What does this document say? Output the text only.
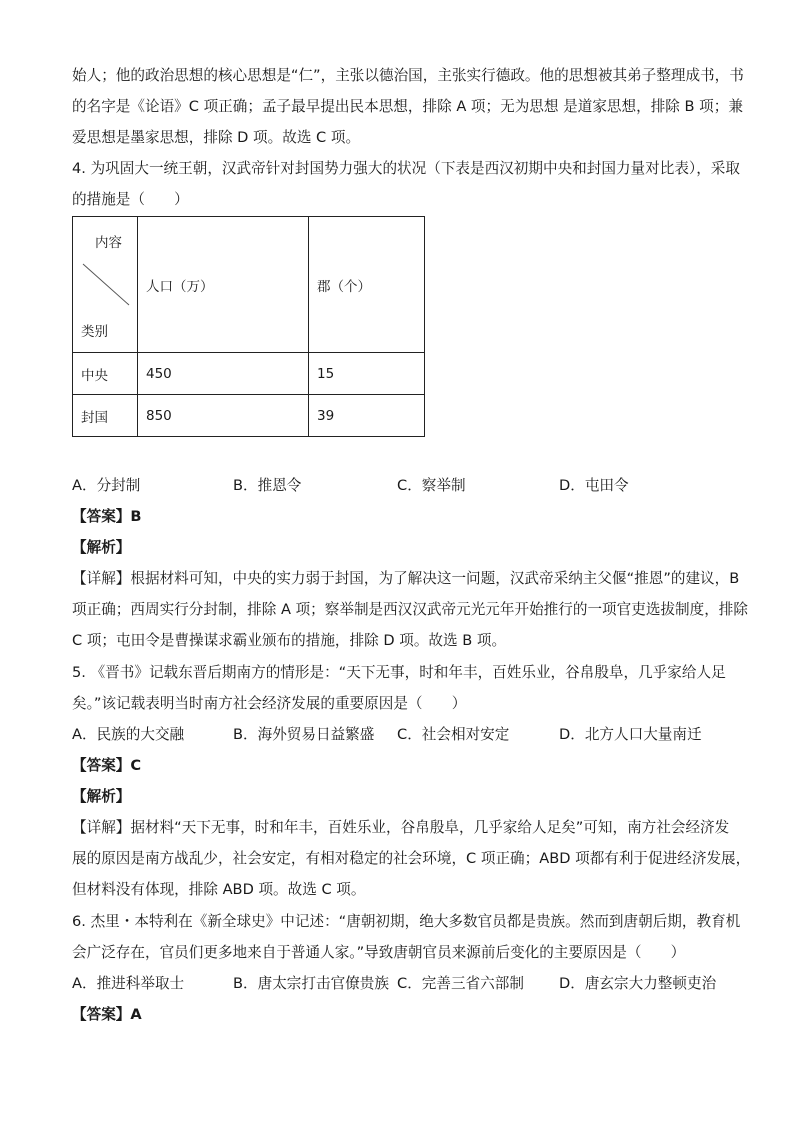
始人；他的政治思想的核心思想是“仁”，主张以德治国，主张实行德政。他的思想被其弟子整理成书，书
的名字是《论语》C 项正确；孟子最早提出民本思想，排除 A 项；无为思想 是道家思想，排除 B 项；兼
爱思想是墨家思想，排除 D 项。故选 C 项。
4. 为巩固大一统王朝，汉武帝针对封国势力强大的状况（下表是西汉初期中央和封国力量对比表），采取
的措施是（　　）
内容
类别	人口（万）	郡（个）
中央	450	15
封国	850	39
A．分封制	B．推恩令	C．察举制	D．屯田令
【答案】B
【解析】
【详解】根据材料可知，中央的实力弱于封国，为了解决这一问题，汉武帝采纳主父偃“推恩”的建议，B
项正确；西周实行分封制，排除 A 项；察举制是西汉汉武帝元光元年开始推行的一项官吏选拔制度，排除
C 项；屯田令是曹操谋求霸业颁布的措施，排除 D 项。故选 B 项。
5. 《晋书》记载东晋后期南方的情形是：“天下无事，时和年丰，百姓乐业，谷帛殷阜，几乎家给人足
矣。”该记载表明当时南方社会经济发展的重要原因是（　　）
A．民族的大交融	B．海外贸易日益繁盛 C．社会相对安定	D．北方人口大量南迁
【答案】C
【解析】
【详解】据材料“天下无事，时和年丰，百姓乐业，谷帛殷阜，几乎家给人足矣”可知，南方社会经济发
展的原因是南方战乱少，社会安定，有相对稳定的社会环境，C 项正确；ABD 项都有利于促进经济发展，
但材料没有体现，排除 ABD 项。故选 C 项。
6. 杰里・本特利在《新全球史》中记述：“唐朝初期，绝大多数官员都是贵族。然而到唐朝后期，教育机
会广泛存在，官员们更多地来自于普通人家。”导致唐朝官员来源前后变化的主要原因是（　　）
A．推进科举取士	B．唐太宗打击官僚贵族 C．完善三省六部制 D．唐玄宗大力整顿吏治
【答案】A
